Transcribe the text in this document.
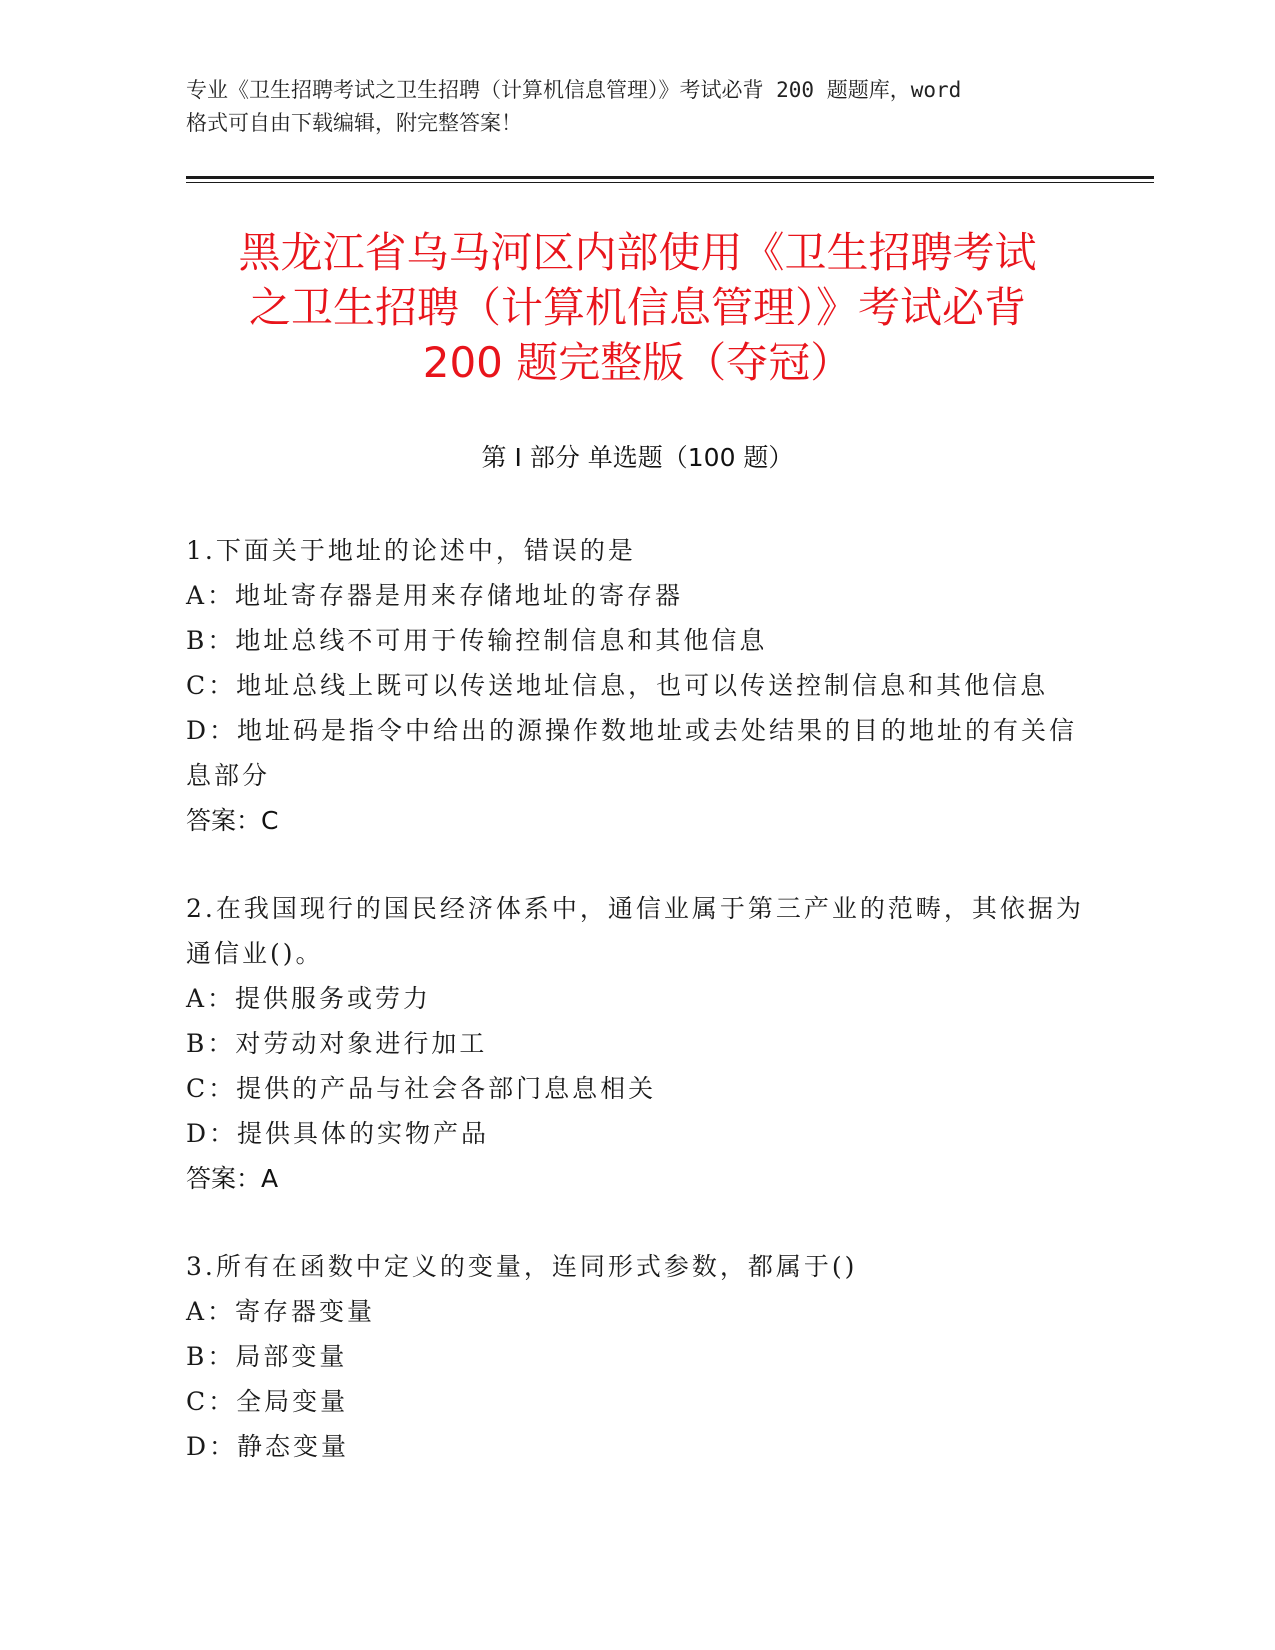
专业《卫生招聘考试之卫生招聘（计算机信息管理）》考试必背 200 题题库，word
格式可自由下载编辑，附完整答案！
黑龙江省乌马河区内部使用《卫生招聘考试
之卫生招聘（计算机信息管理）》考试必背
200 题完整版（夺冠）
第 I 部分 单选题（100 题）
1.下面关于地址的论述中，错误的是
A：地址寄存器是用来存储地址的寄存器
B：地址总线不可用于传输控制信息和其他信息
C：地址总线上既可以传送地址信息，也可以传送控制信息和其他信息
D：地址码是指令中给出的源操作数地址或去处结果的目的地址的有关信息部分
答案：C
2.在我国现行的国民经济体系中，通信业属于第三产业的范畴，其依据为通信业()。
A：提供服务或劳力
B：对劳动对象进行加工
C：提供的产品与社会各部门息息相关
D：提供具体的实物产品
答案：A
3.所有在函数中定义的变量，连同形式参数，都属于()
A：寄存器变量
B：局部变量
C：全局变量
D：静态变量
